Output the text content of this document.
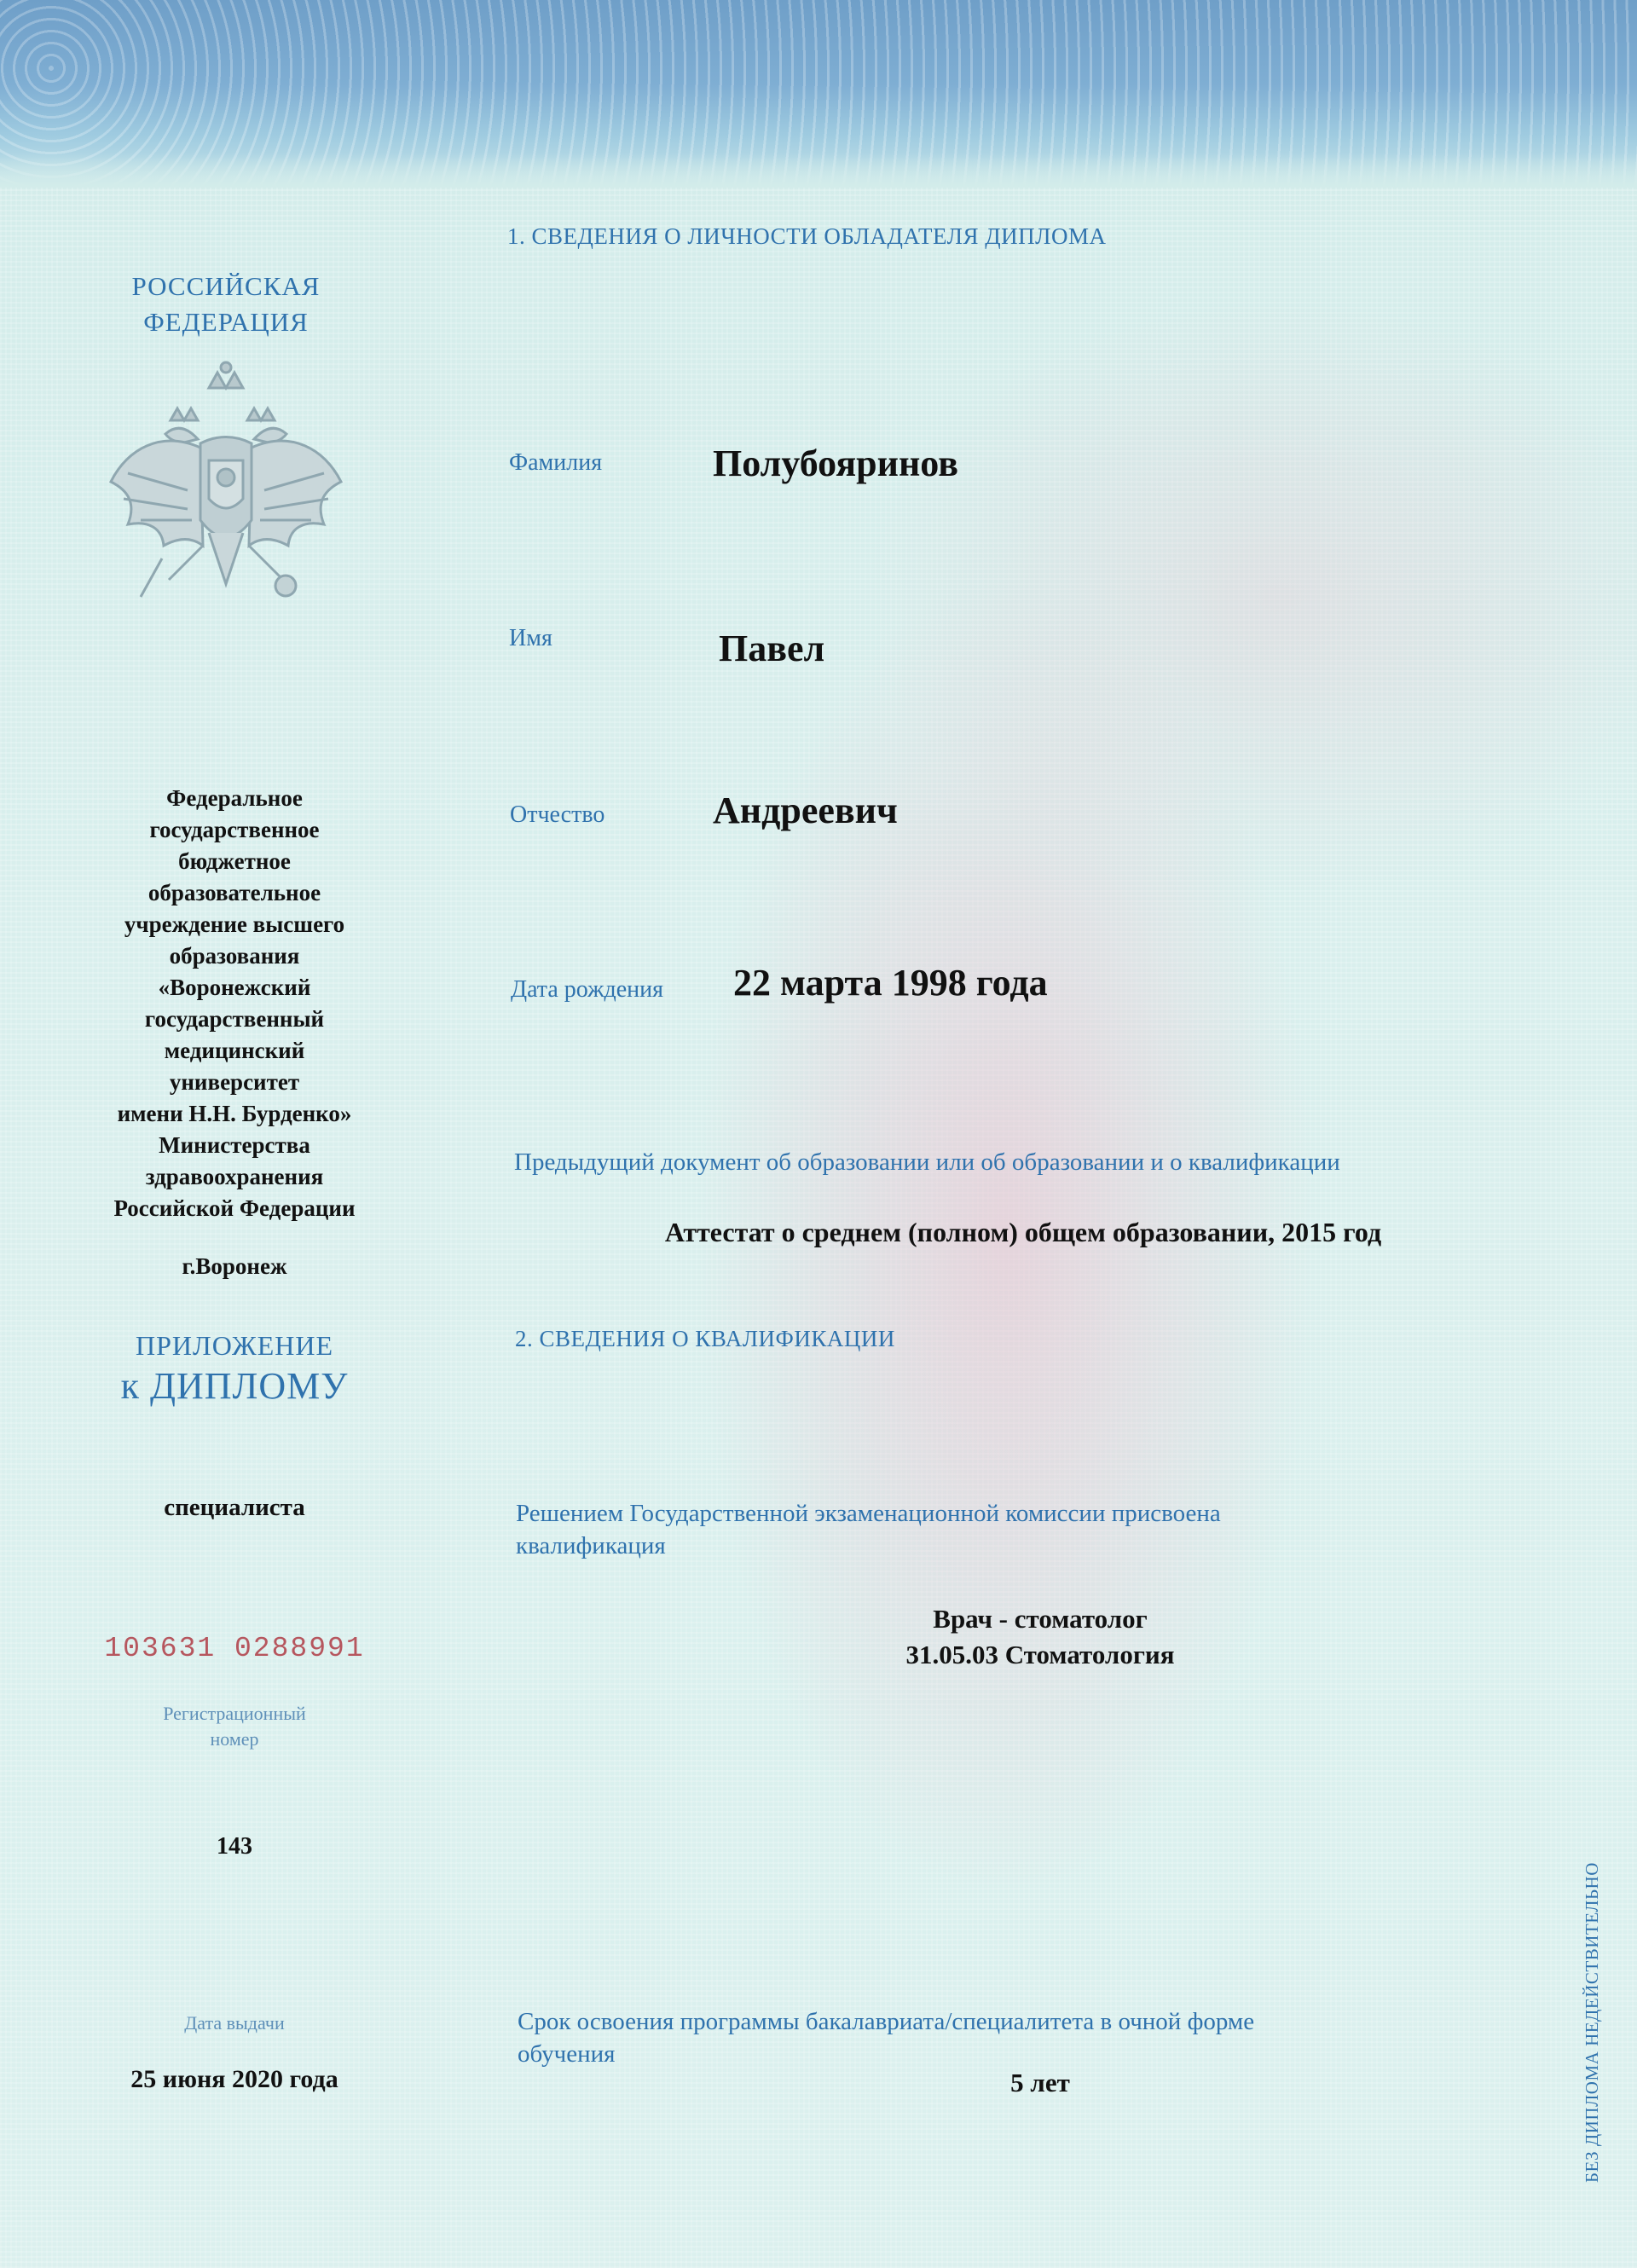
РОССИЙСКАЯ
ФЕДЕРАЦИЯ
Федеральное
государственное
бюджетное
образовательное
учреждение высшего
образования
«Воронежский
государственный
медицинский
университет
имени Н.Н. Бурденко»
Министерства
здравоохранения
Российской Федерации
г.Воронеж
ПРИЛОЖЕНИЕ
к ДИПЛОМУ
специалиста
103631 0288991
Регистрационный
номер
143
Дата выдачи
25 июня 2020 года
1. СВЕДЕНИЯ О ЛИЧНОСТИ ОБЛАДАТЕЛЯ ДИПЛОМА
Фамилия	Полубояринов
Имя	Павел
Отчество	Андреевич
Дата рождения 22 марта 1998 года
Предыдущий документ об образовании или об образовании и о квалификации
Аттестат о среднем (полном) общем образовании, 2015 год
2. СВЕДЕНИЯ О КВАЛИФИКАЦИИ
Решением Государственной экзаменационной комиссии присвоена
квалификация
Врач - стоматолог
31.05.03 Стоматология
Срок освоения программы бакалавриата/специалитета в очной форме
обучения
5 лет	БЕЗ ДИПЛОМА НЕДЕЙСТВИТЕЛЬНО
